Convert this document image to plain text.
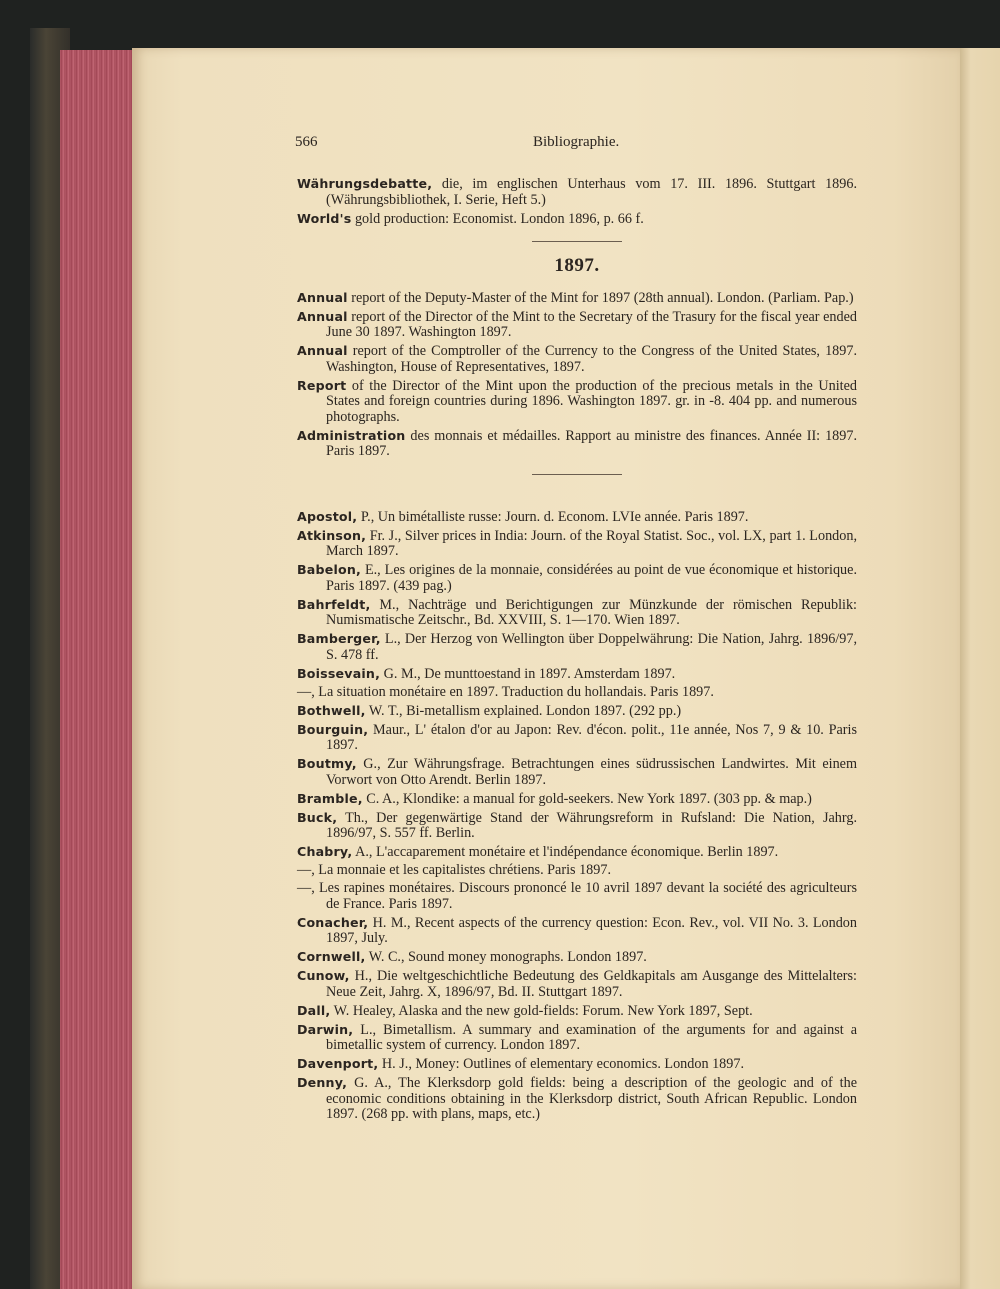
566	Bibliographie.
Währungsdebatte, die, im englischen Unterhaus vom 17. III. 1896. Stuttgart 1896. (Währungsbibliothek, I. Serie, Heft 5.)
World's gold production: Economist. London 1896, p. 66 f.
1897.
Annual report of the Deputy-Master of the Mint for 1897 (28th annual). London. (Parliam. Pap.)
Annual report of the Director of the Mint to the Secretary of the Trasury for the fiscal year ended June 30 1897. Washington 1897.
Annual report of the Comptroller of the Currency to the Congress of the United States, 1897. Washington, House of Representatives, 1897.
Report of the Director of the Mint upon the production of the precious metals in the United States and foreign countries during 1896. Washington 1897. gr. in -8. 404 pp. and numerous photographs.
Administration des monnais et médailles. Rapport au ministre des finances. Année II: 1897. Paris 1897.
Apostol, P., Un bimétalliste russe: Journ. d. Econom. LVIe année. Paris 1897.
Atkinson, Fr. J., Silver prices in India: Journ. of the Royal Statist. Soc., vol. LX, part 1. London, March 1897.
Babelon, E., Les origines de la monnaie, considérées au point de vue économique et historique. Paris 1897. (439 pag.)
Bahrfeldt, M., Nachträge und Berichtigungen zur Münzkunde der römischen Republik: Numismatische Zeitschr., Bd. XXVIII, S. 1—170. Wien 1897.
Bamberger, L., Der Herzog von Wellington über Doppelwährung: Die Nation, Jahrg. 1896/97, S. 478 ff.
Boissevain, G. M., De munttoestand in 1897. Amsterdam 1897.
—, La situation monétaire en 1897. Traduction du hollandais. Paris 1897.
Bothwell, W. T., Bi-metallism explained. London 1897. (292 pp.)
Bourguin, Maur., L' étalon d'or au Japon: Rev. d'écon. polit., 11e année, Nos 7, 9 & 10. Paris 1897.
Boutmy, G., Zur Währungsfrage. Betrachtungen eines südrussischen Landwirtes. Mit einem Vorwort von Otto Arendt. Berlin 1897.
Bramble, C. A., Klondike: a manual for gold-seekers. New York 1897. (303 pp. & map.)
Buck, Th., Der gegenwärtige Stand der Währungsreform in Rufsland: Die Nation, Jahrg. 1896/97, S. 557 ff. Berlin.
Chabry, A., L'accaparement monétaire et l'indépendance économique. Berlin 1897.
—, La monnaie et les capitalistes chrétiens. Paris 1897.
—, Les rapines monétaires. Discours prononcé le 10 avril 1897 devant la société des agriculteurs de France. Paris 1897.
Conacher, H. M., Recent aspects of the currency question: Econ. Rev., vol. VII No. 3. London 1897, July.
Cornwell, W. C., Sound money monographs. London 1897.
Cunow, H., Die weltgeschichtliche Bedeutung des Geldkapitals am Ausgange des Mittelalters: Neue Zeit, Jahrg. X, 1896/97, Bd. II. Stuttgart 1897.
Dall, W. Healey, Alaska and the new gold-fields: Forum. New York 1897, Sept.
Darwin, L., Bimetallism. A summary and examination of the arguments for and against a bimetallic system of currency. London 1897.
Davenport, H. J., Money: Outlines of elementary economics. London 1897.
Denny, G. A., The Klerksdorp gold fields: being a description of the geologic and of the economic conditions obtaining in the Klerksdorp district, South African Republic. London 1897. (268 pp. with plans, maps, etc.)
